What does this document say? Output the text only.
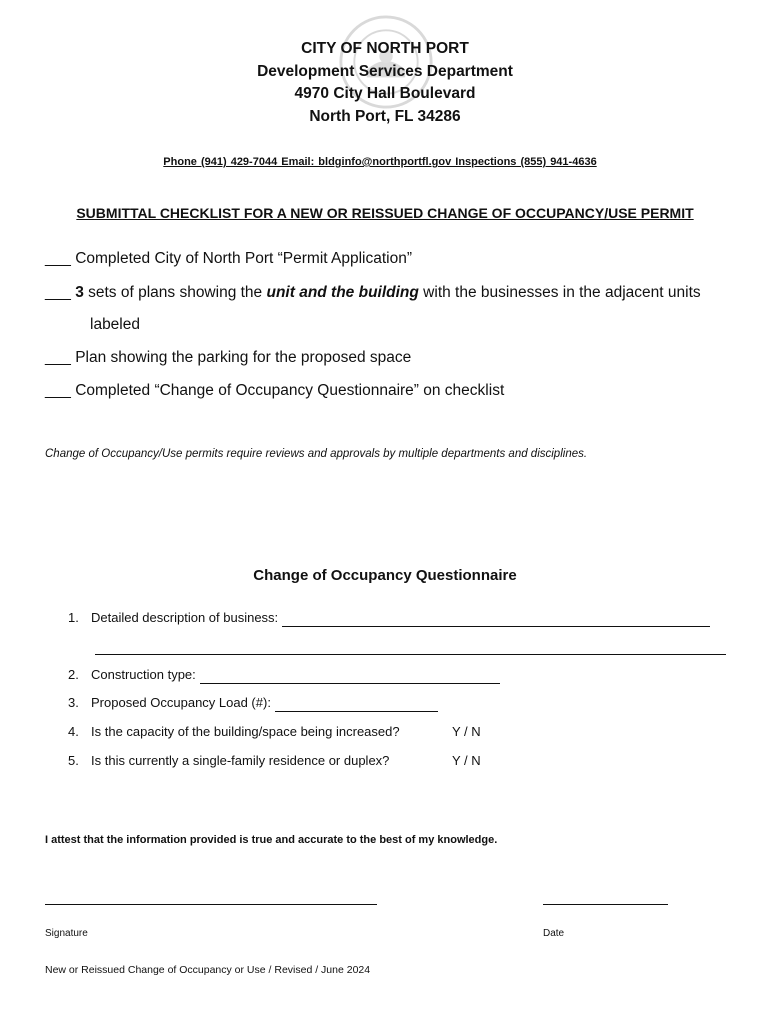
CITY OF NORTH PORT
Development Services Department
4970 City Hall Boulevard
North Port, FL 34286
Phone (941) 429-7044 Email: bldginfo@northportfl.gov Inspections (855) 941-4636
SUBMITTAL CHECKLIST FOR A NEW OR REISSUED CHANGE OF OCCUPANCY/USE PERMIT
___ Completed City of North Port “Permit Application”
___ 3 sets of plans showing the unit and the building with the businesses in the adjacent units
labeled
___ Plan showing the parking for the proposed space
___ Completed “Change of Occupancy Questionnaire” on checklist
Change of Occupancy/Use permits require reviews and approvals by multiple departments and disciplines.
Change of Occupancy Questionnaire
1. Detailed description of business:
2. Construction type:
3. Proposed Occupancy Load (#):
4. Is the capacity of the building/space being increased?	Y / N
5. Is this currently a single-family residence or duplex?	Y / N
I attest that the information provided is true and accurate to the best of my knowledge.
Signature	Date
New or Reissued Change of Occupancy or Use / Revised / June 2024
